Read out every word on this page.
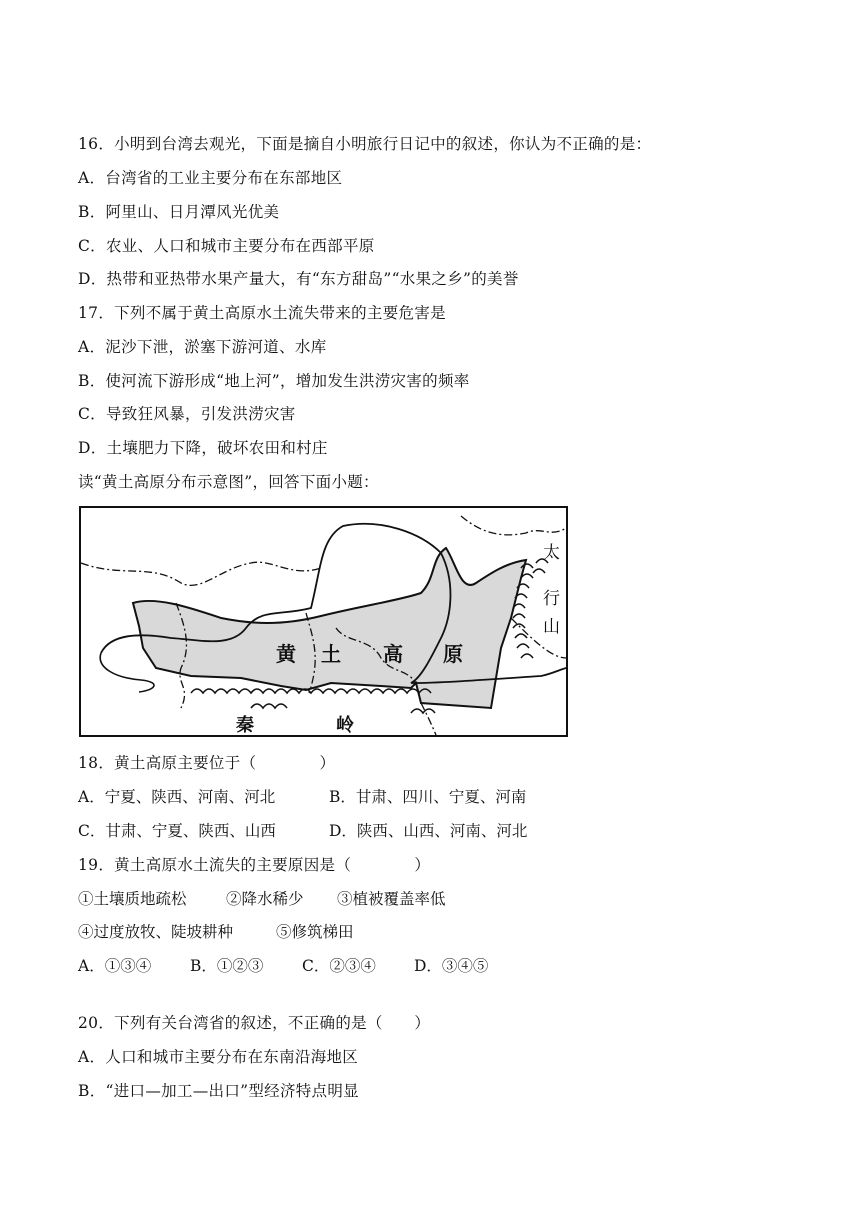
16．小明到台湾去观光，下面是摘自小明旅行日记中的叙述，你认为不正确的是：
A．台湾省的工业主要分布在东部地区
B．阿里山、日月潭风光优美
C．农业、人口和城市主要分布在西部平原
D．热带和亚热带水果产量大，有“东方甜岛”“水果之乡”的美誉
17．下列不属于黄土高原水土流失带来的主要危害是
A．泥沙下泄，淤塞下游河道、水库
B．使河流下游形成“地上河”，增加发生洪涝灾害的频率
C．导致狂风暴，引发洪涝灾害
D．土壤肥力下降，破坏农田和村庄
读“黄土高原分布示意图”，回答下面小题：
黄 土 高 原
太
行
山
秦	岭
18．黄土高原主要位于（　　　　）
A．宁夏、陕西、河南、河北	B．甘肃、四川、宁夏、河南
C．甘肃、宁夏、陕西、山西	D．陕西、山西、河南、河北
19．黄土高原水土流失的主要原因是（　　　　）
①土壤质地疏松	②降水稀少 ③植被覆盖率低
④过度放牧、陡坡耕种	⑤修筑梯田
A．①③④	B．①②③ C．②③④ D．③④⑤
20．下列有关台湾省的叙述，不正确的是（　　）
A．人口和城市主要分布在东南沿海地区
B．“进口—加工—出口”型经济特点明显
